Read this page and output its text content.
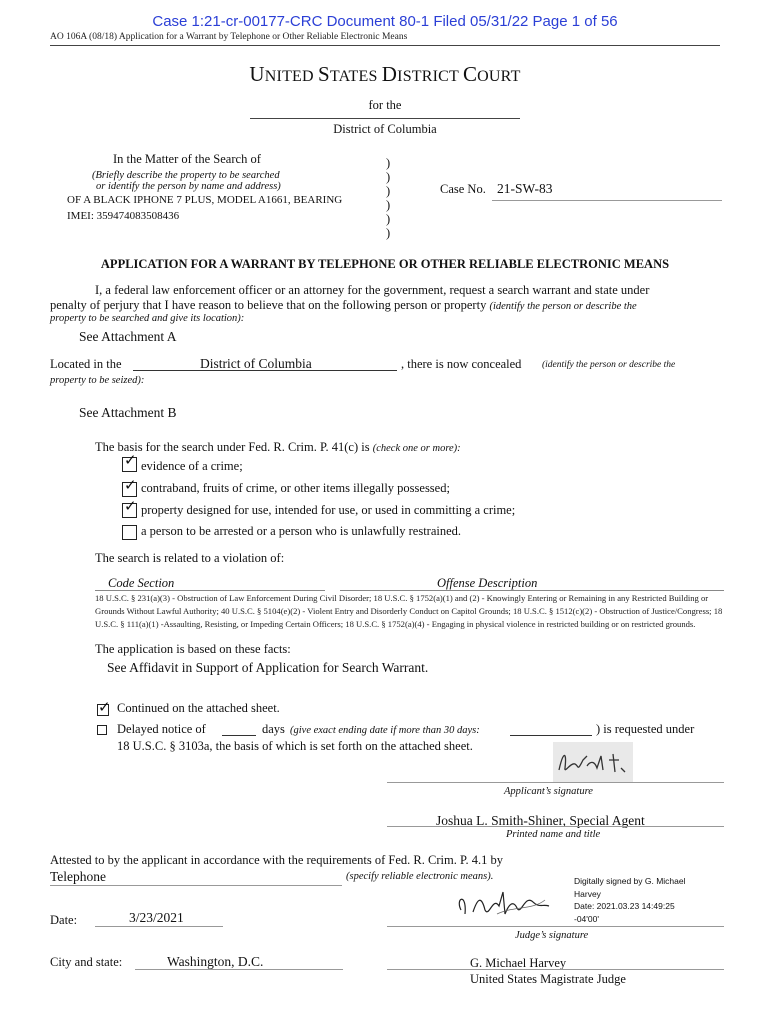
Case 1:21-cr-00177-CRC Document 80-1 Filed 05/31/22 Page 1 of 56
AO 106A (08/18) Application for a Warrant by Telephone or Other Reliable Electronic Means
UNITED STATES DISTRICT COURT
for the
District of Columbia
In the Matter of the Search of
(Briefly describe the property to be searched
or identify the person by name and address)
OF A BLACK IPHONE 7 PLUS, MODEL A1661, BEARING
IMEI: 359474083508436
)
)
)
)
)
)
Case No. 21-SW-83
APPLICATION FOR A WARRANT BY TELEPHONE OR OTHER RELIABLE ELECTRONIC MEANS
I, a federal law enforcement officer or an attorney for the government, request a search warrant and state under
penalty of perjury that I have reason to believe that on the following person or property (identify the person or describe the
property to be searched and give its location):
See Attachment A
Located in the	District of Columbia	, there is now concealed (identify the person or describe the
property to be seized):
See Attachment B
The basis for the search under Fed. R. Crim. P. 41(c) is (check one or more):
✓ evidence of a crime;
✓ contraband, fruits of crime, or other items illegally possessed;
✓ property designed for use, intended for use, or used in committing a crime;
a person to be arrested or a person who is unlawfully restrained.
The search is related to a violation of:
Code Section	Offense Description
18 U.S.C. § 231(a)(3) - Obstruction of Law Enforcement During Civil Disorder; 18 U.S.C. § 1752(a)(1) and (2) - Knowingly Entering or Remaining in any Restricted Building or Grounds Without Lawful Authority; 40 U.S.C. § 5104(e)(2) - Violent Entry and Disorderly Conduct on Capitol Grounds; 18 U.S.C. § 1512(c)(2) - Obstruction of Justice/Congress; 18 U.S.C. § 111(a)(1) -Assaulting, Resisting, or Impeding Certain Officers; 18 U.S.C. § 1752(a)(4) - Engaging in physical violence in restricted building or on restricted grounds.
The application is based on these facts:
See Affidavit in Support of Application for Search Warrant.
✓ Continued on the attached sheet.
Delayed notice of	days (give exact ending date if more than 30 days:	) is requested under
18 U.S.C. § 3103a, the basis of which is set forth on the attached sheet.
Applicant’s signature
Joshua L. Smith-Shiner, Special Agent
Printed name and title
Attested to by the applicant in accordance with the requirements of Fed. R. Crim. P. 4.1 by
Telephone	(specify reliable electronic means).	Digitally signed by G. Michael
Harvey
Date: 2021.03.23 14:49:25
-04'00'
Date:	3/23/2021
Judge’s signature
City and state:	Washington, D.C.	G. Michael Harvey
United States Magistrate Judge
